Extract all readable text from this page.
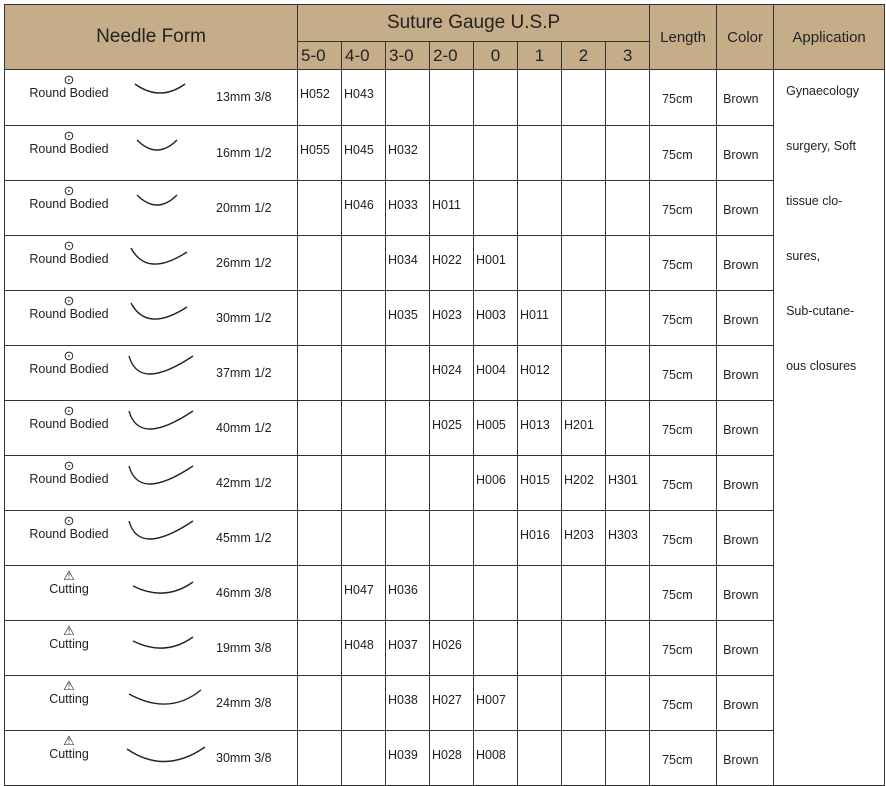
Needle Form	Suture Gauge U.S.P								Length	Color	Application
	5-0	4-0	3-0	2-0	0	1	2	3			

⊙
Round Bodied 13mm 3/8	H052	H043							75cm	Brown	Gynaecology

⊙
Round Bodied 16mm 1/2	H055	H045	H032						75cm	Brown	surgery, Soft

⊙
Round Bodied 20mm 1/2		H046	H033	H011					75cm	Brown	tissue clo-

⊙
Round Bodied 26mm 1/2			H034	H022	H001				75cm	Brown	sures,

⊙
Round Bodied 30mm 1/2			H035	H023	H003	H011			75cm	Brown	Sub-cutane-

⊙
Round Bodied 37mm 1/2				H024	H004	H012			75cm	Brown	ous closures

⊙
Round Bodied 40mm 1/2				H025	H005	H013	H201		75cm	Brown	

⊙
Round Bodied 42mm 1/2					H006	H015	H202	H301	75cm	Brown	

⊙
Round Bodied 45mm 1/2						H016	H203	H303	75cm	Brown	

⚠
Cutting 46mm 3/8		H047	H036						75cm	Brown	

⚠
Cutting 19mm 3/8		H048	H037	H026					75cm	Brown	

⚠
Cutting 24mm 3/8			H038	H027	H007				75cm	Brown	

⚠
Cutting 30mm 3/8			H039	H028	H008				75cm	Brown	
